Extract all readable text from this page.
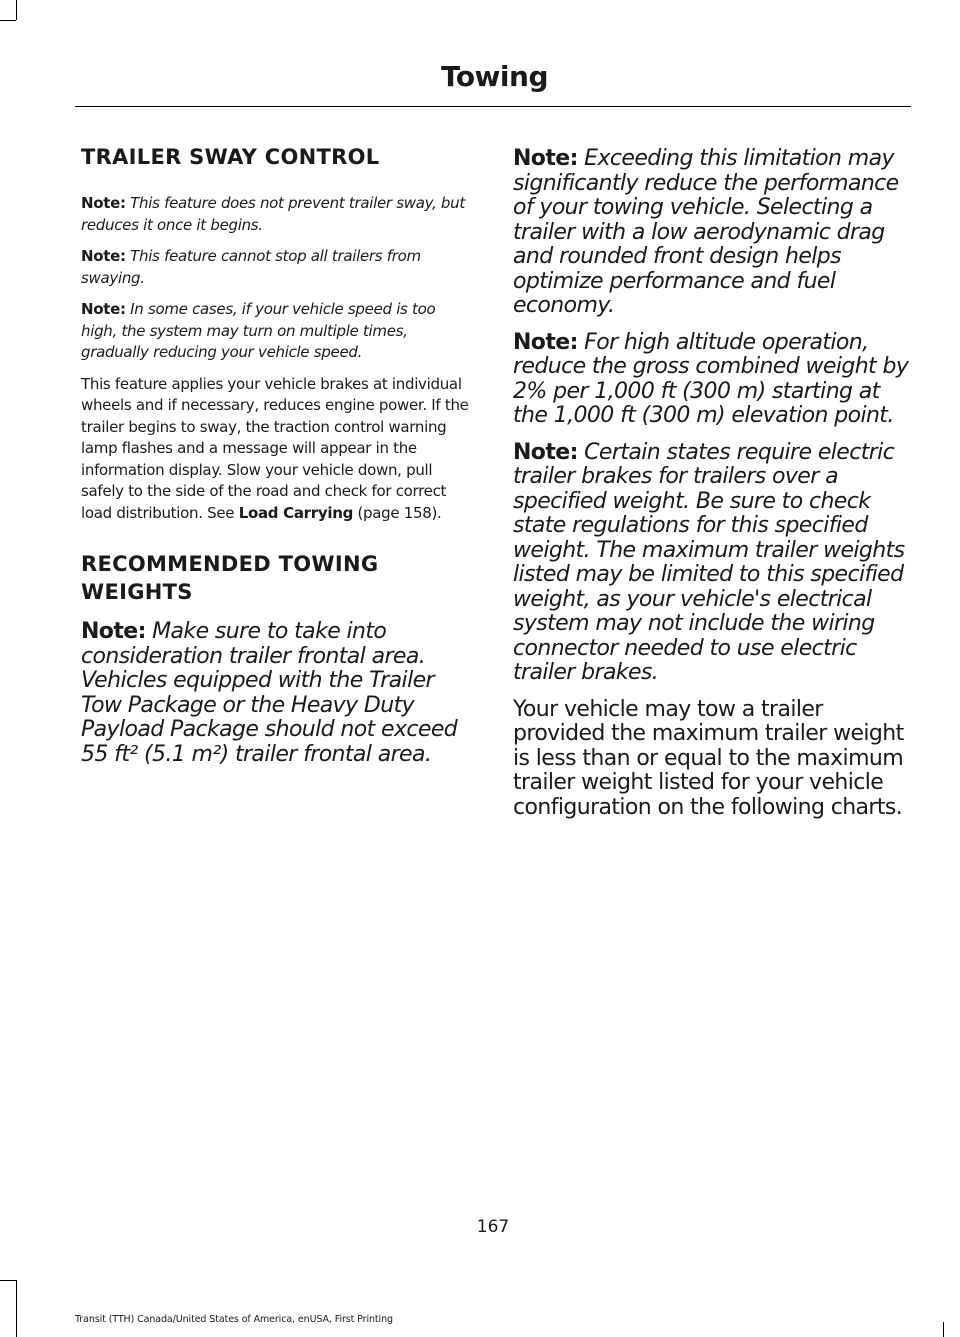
Towing
TRAILER SWAY CONTROL

Note: This feature does not prevent trailer sway, but reduces it once it begins.

Note: This feature cannot stop all trailers from swaying.

Note: In some cases, if your vehicle speed is too high, the system may turn on multiple times, gradually reducing your vehicle speed.

This feature applies your vehicle brakes at individual wheels and if necessary, reduces engine power. If the trailer begins to sway, the traction control warning lamp flashes and a message will appear in the information display. Slow your vehicle down, pull safely to the side of the road and check for correct load distribution. See Load Carrying (page 158).

RECOMMENDED TOWING
WEIGHTS

Note: Make sure to take into consideration trailer frontal area. Vehicles equipped with the Trailer Tow Package or the Heavy Duty Payload Package should not exceed 55 ft² (5.1 m²) trailer frontal area.

Note: Exceeding this limitation may significantly reduce the performance of your towing vehicle. Selecting a trailer with a low aerodynamic drag and rounded front design helps optimize performance and fuel economy.

Note: For high altitude operation, reduce the gross combined weight by 2% per 1,000 ft (300 m) starting at the 1,000 ft (300 m) elevation point.

Note: Certain states require electric trailer brakes for trailers over a specified weight. Be sure to check state regulations for this specified weight. The maximum trailer weights listed may be limited to this specified weight, as your vehicle's electrical system may not include the wiring connector needed to use electric trailer brakes.

Your vehicle may tow a trailer provided the maximum trailer weight is less than or equal to the maximum trailer weight listed for your vehicle configuration on the following charts.

167
Transit (TTH) Canada/United States of America, enUSA, First Printing
